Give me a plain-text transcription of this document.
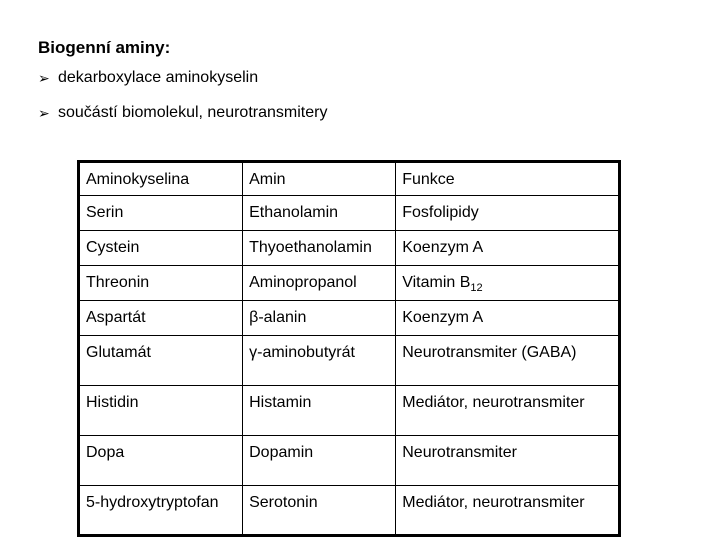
Biogenní aminy:
➢ dekarboxylace aminokyselin
➢ součástí biomolekul, neurotransmitery
Aminokyselina	Amin	Funkce
Serin	Ethanolamin	Fosfolipidy
Cystein	Thyoethanolamin	Koenzym A
Threonin	Aminopropanol	Vitamin $B_{12}$
Aspartát	β-alanin	Koenzym A
Glutamát	γ-aminobutyrát	Neurotransmiter (GABA)
Histidin	Histamin	Mediátor, neurotransmiter
Dopa	Dopamin	Neurotransmiter
5-hydroxytryptofan	Serotonin	Mediátor, neurotransmiter
